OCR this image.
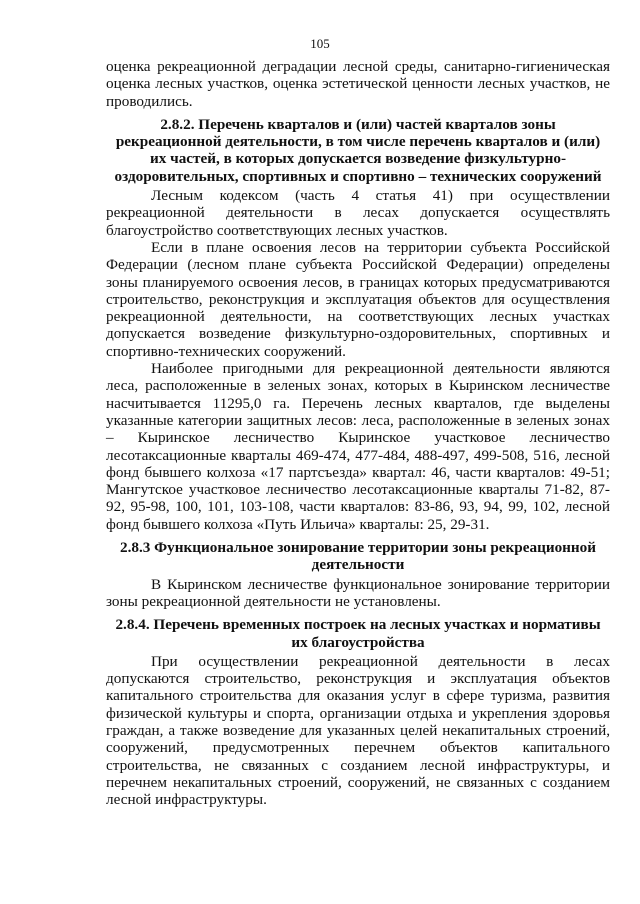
105

оценка рекреационной деградации лесной среды, санитарно-гигиеническая оценка лесных участков, оценка эстетической ценности лесных участков, не проводились.

2.8.2. Перечень кварталов и (или) частей кварталов зоны рекреационной деятельности, в том числе перечень кварталов и (или) их частей, в которых допускается возведение физкультурно-оздоровительных, спортивных и спортивно – технических сооружений

Лесным кодексом (часть 4 статья 41) при осуществлении рекреационной деятельности в лесах допускается осуществлять благоустройство соответствующих лесных участков.

Если в плане освоения лесов на территории субъекта Российской Федерации (лесном плане субъекта Российской Федерации) определены зоны планируемого освоения лесов, в границах которых предусматриваются строительство, реконструкция и эксплуатация объектов для осуществления рекреационной деятельности, на соответствующих лесных участках допускается возведение физкультурно-оздоровительных, спортивных и спортивно-технических сооружений.

Наиболее пригодными для рекреационной деятельности являются леса, расположенные в зеленых зонах, которых в Кыринском лесничестве насчитывается 11295,0 га. Перечень лесных кварталов, где выделены указанные категории защитных лесов: леса, расположенные в зеленых зонах – Кыринское лесничество Кыринское участковое лесничество лесотаксационные кварталы 469-474, 477-484, 488-497, 499-508, 516, лесной фонд бывшего колхоза «17 партсъезда» квартал: 46, части кварталов: 49-51; Мангутское участковое лесничество лесотаксационные кварталы 71-82, 87-92, 95-98, 100, 101, 103-108, части кварталов: 83-86, 93, 94, 99, 102, лесной фонд бывшего колхоза «Путь Ильича» кварталы: 25, 29-31.

2.8.3 Функциональное зонирование территории зоны рекреационной деятельности

В Кыринском лесничестве функциональное зонирование территории зоны рекреационной деятельности не установлены.

2.8.4. Перечень временных построек на лесных участках и нормативы их благоустройства

При осуществлении рекреационной деятельности в лесах допускаются строительство, реконструкция и эксплуатация объектов капитального строительства для оказания услуг в сфере туризма, развития физической культуры и спорта, организации отдыха и укрепления здоровья граждан, а также возведение для указанных целей некапитальных строений, сооружений, предусмотренных перечнем объектов капитального строительства, не связанных с созданием лесной инфраструктуры, и перечнем некапитальных строений, сооружений, не связанных с созданием лесной инфраструктуры.
